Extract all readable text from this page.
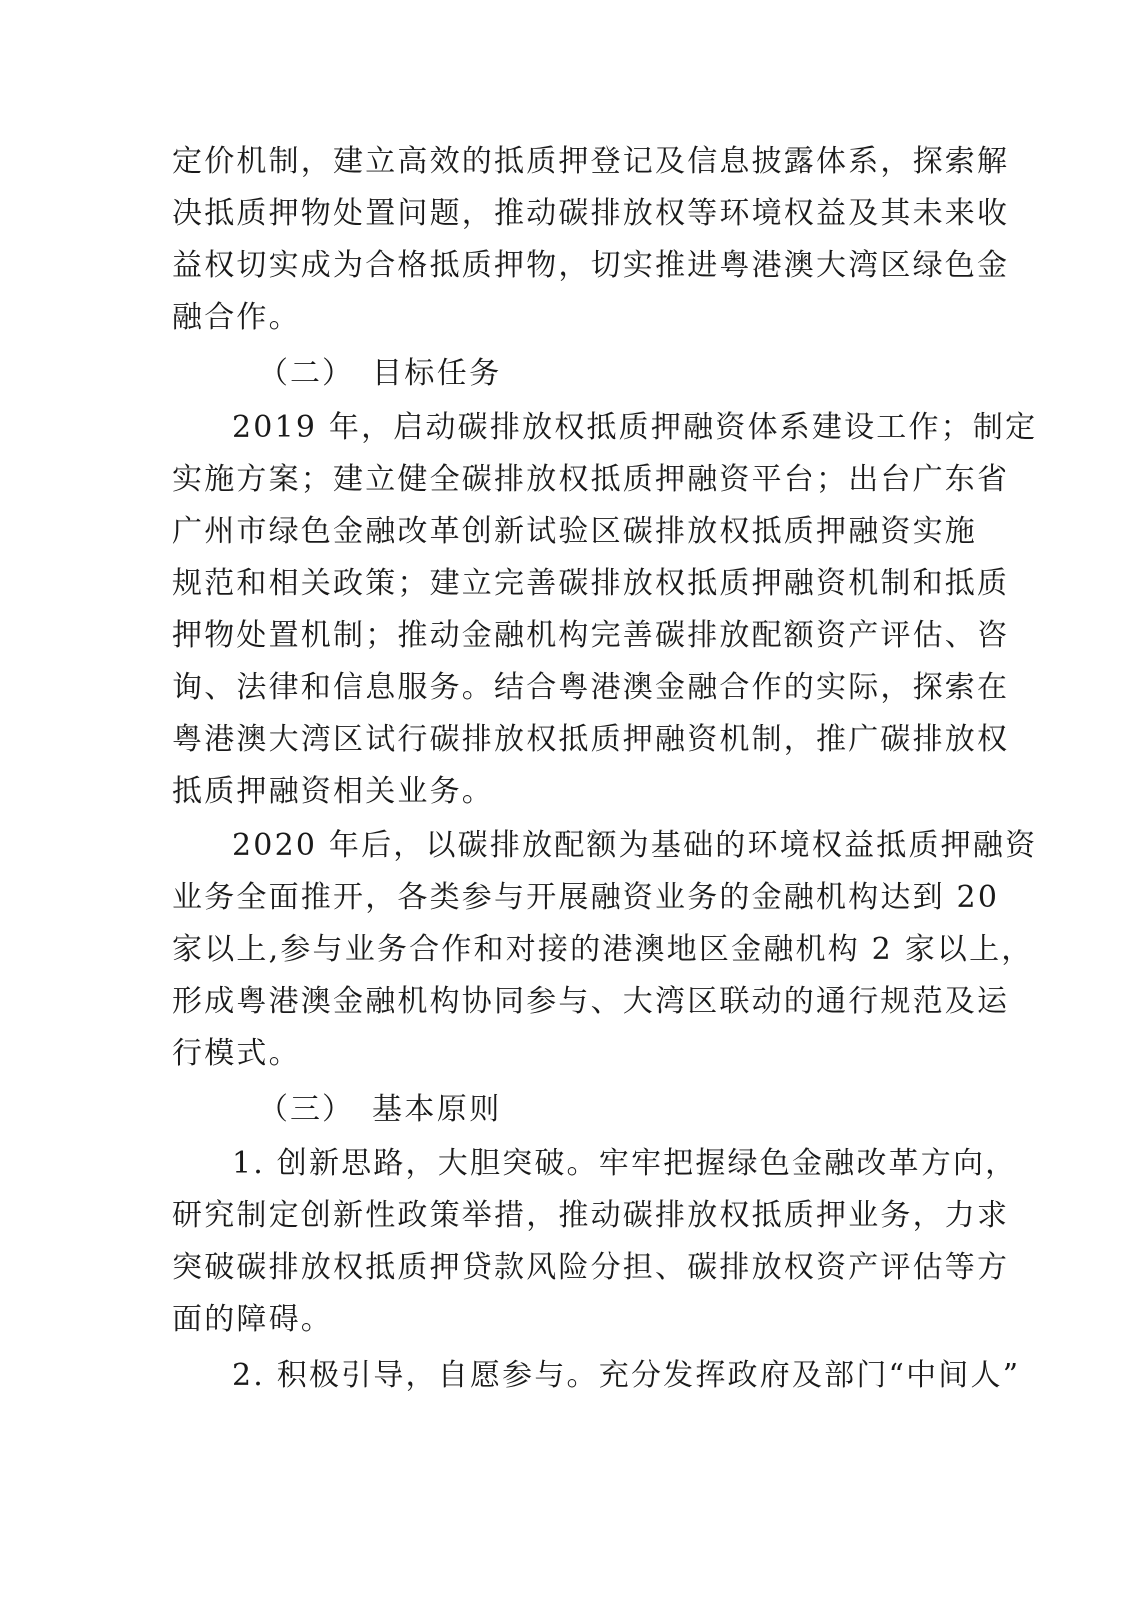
定价机制，建立高效的抵质押登记及信息披露体系，探索解
决抵质押物处置问题，推动碳排放权等环境权益及其未来收
益权切实成为合格抵质押物，切实推进粤港澳大湾区绿色金
融合作。
（二） 目标任务
2019 年，启动碳排放权抵质押融资体系建设工作；制定
实施方案；建立健全碳排放权抵质押融资平台；出台广东省
广州市绿色金融改革创新试验区碳排放权抵质押融资实施
规范和相关政策；建立完善碳排放权抵质押融资机制和抵质
押物处置机制；推动金融机构完善碳排放配额资产评估、咨
询、法律和信息服务。结合粤港澳金融合作的实际，探索在
粤港澳大湾区试行碳排放权抵质押融资机制，推广碳排放权
抵质押融资相关业务。
2020 年后，以碳排放配额为基础的环境权益抵质押融资
业务全面推开，各类参与开展融资业务的金融机构达到 20
家以上,参与业务合作和对接的港澳地区金融机构 2 家以上，
形成粤港澳金融机构协同参与、大湾区联动的通行规范及运
行模式。
（三） 基本原则
1. 创新思路，大胆突破。牢牢把握绿色金融改革方向，
研究制定创新性政策举措，推动碳排放权抵质押业务，力求
突破碳排放权抵质押贷款风险分担、碳排放权资产评估等方
面的障碍。
2. 积极引导，自愿参与。充分发挥政府及部门“中间人”
